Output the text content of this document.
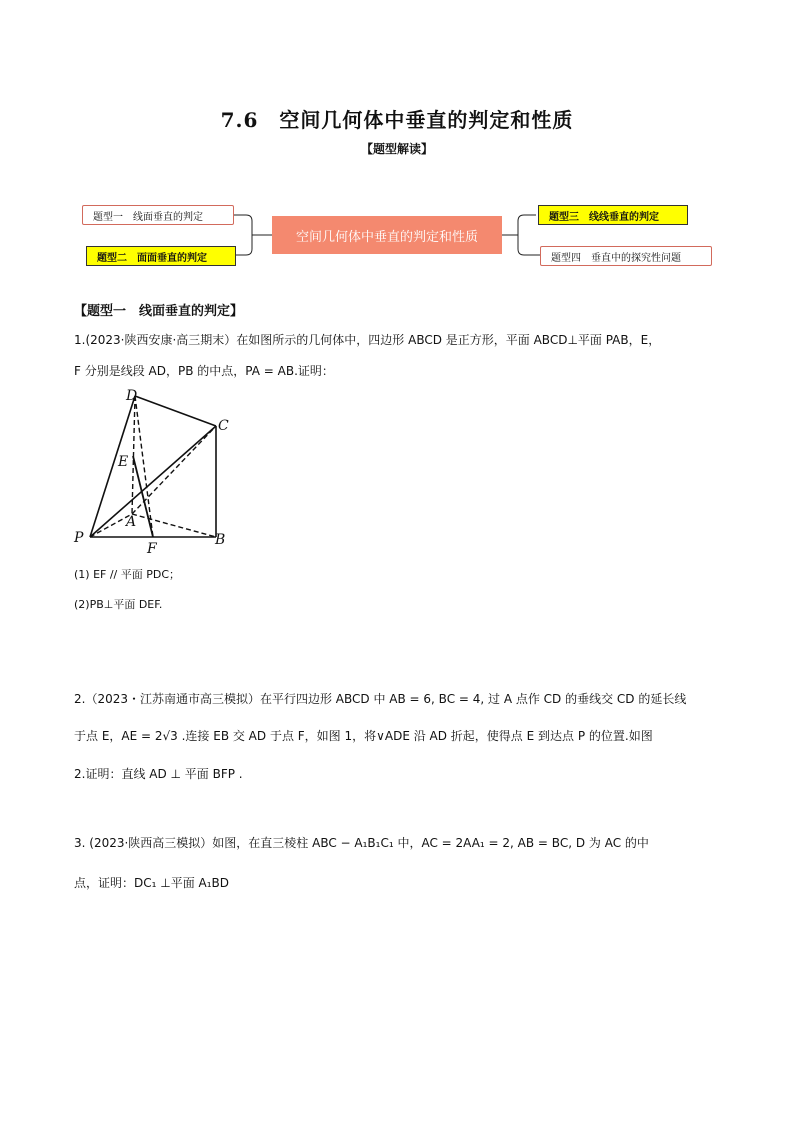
7.6　空间几何体中垂直的判定和性质
【题型解读】
题型一　线面垂直的判定
题型二　面面垂直的判定
空间几何体中垂直的判定和性质
题型三　线线垂直的判定
题型四　垂直中的探究性问题
【题型一　线面垂直的判定】
1.(2023·陕西安康·高三期末）在如图所示的几何体中，四边形 ABCD 是正方形，平面 ABCD⊥平面 PAB，E，
F 分别是线段 AD，PB 的中点，PA = AB.证明：
D
C
E
A
P
F
B
(1) EF // 平面 PDC；
(2)PB⊥平面 DEF.
2.（2023・江苏南通市高三模拟）在平行四边形 ABCD 中 AB = 6, BC = 4, 过 A 点作 CD 的垂线交 CD 的延长线
于点 E，AE = 2√3 .连接 EB 交 AD 于点 F，如图 1，将∨ADE 沿 AD 折起，使得点 E 到达点 P 的位置.如图
2.证明：直线 AD ⊥ 平面 BFP .
3. (2023·陕西高三模拟）如图，在直三棱柱 ABC − A₁B₁C₁ 中，AC = 2AA₁ = 2, AB = BC, D 为 AC 的中
点，证明：DC₁ ⊥平面 A₁BD
